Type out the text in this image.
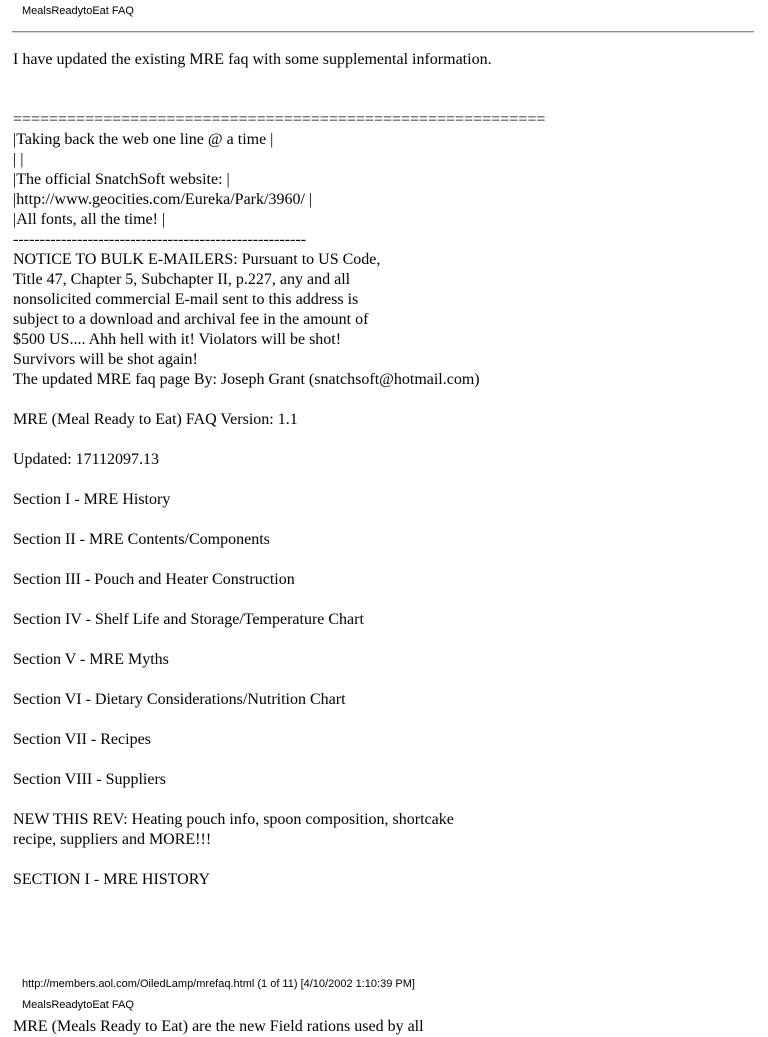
MealsReadytoEat FAQ
I have updated the existing MRE faq with some supplemental information.
===========================================================
|Taking back the web one line @ a time |
| |
|The official SnatchSoft website: |
|http://www.geocities.com/Eureka/Park/3960/ |
|All fonts, all the time! |
-------------------------------------------------------
NOTICE TO BULK E-MAILERS: Pursuant to US Code,
Title 47, Chapter 5, Subchapter II, p.227, any and all
nonsolicited commercial E-mail sent to this address is
subject to a download and archival fee in the amount of
$500 US.... Ahh hell with it! Violators will be shot!
Survivors will be shot again!
The updated MRE faq page By: Joseph Grant (snatchsoft@hotmail.com)
MRE (Meal Ready to Eat) FAQ Version: 1.1
Updated: 17112097.13
Section I - MRE History
Section II - MRE Contents/Components
Section III - Pouch and Heater Construction
Section IV - Shelf Life and Storage/Temperature Chart
Section V - MRE Myths
Section VI - Dietary Considerations/Nutrition Chart
Section VII - Recipes
Section VIII - Suppliers
NEW THIS REV: Heating pouch info, spoon composition, shortcake
recipe, suppliers and MORE!!!
SECTION I - MRE HISTORY
http://members.aol.com/OiledLamp/mrefaq.html (1 of 11) [4/10/2002 1:10:39 PM]
MealsReadytoEat FAQ
MRE (Meals Ready to Eat) are the new Field rations used by all
